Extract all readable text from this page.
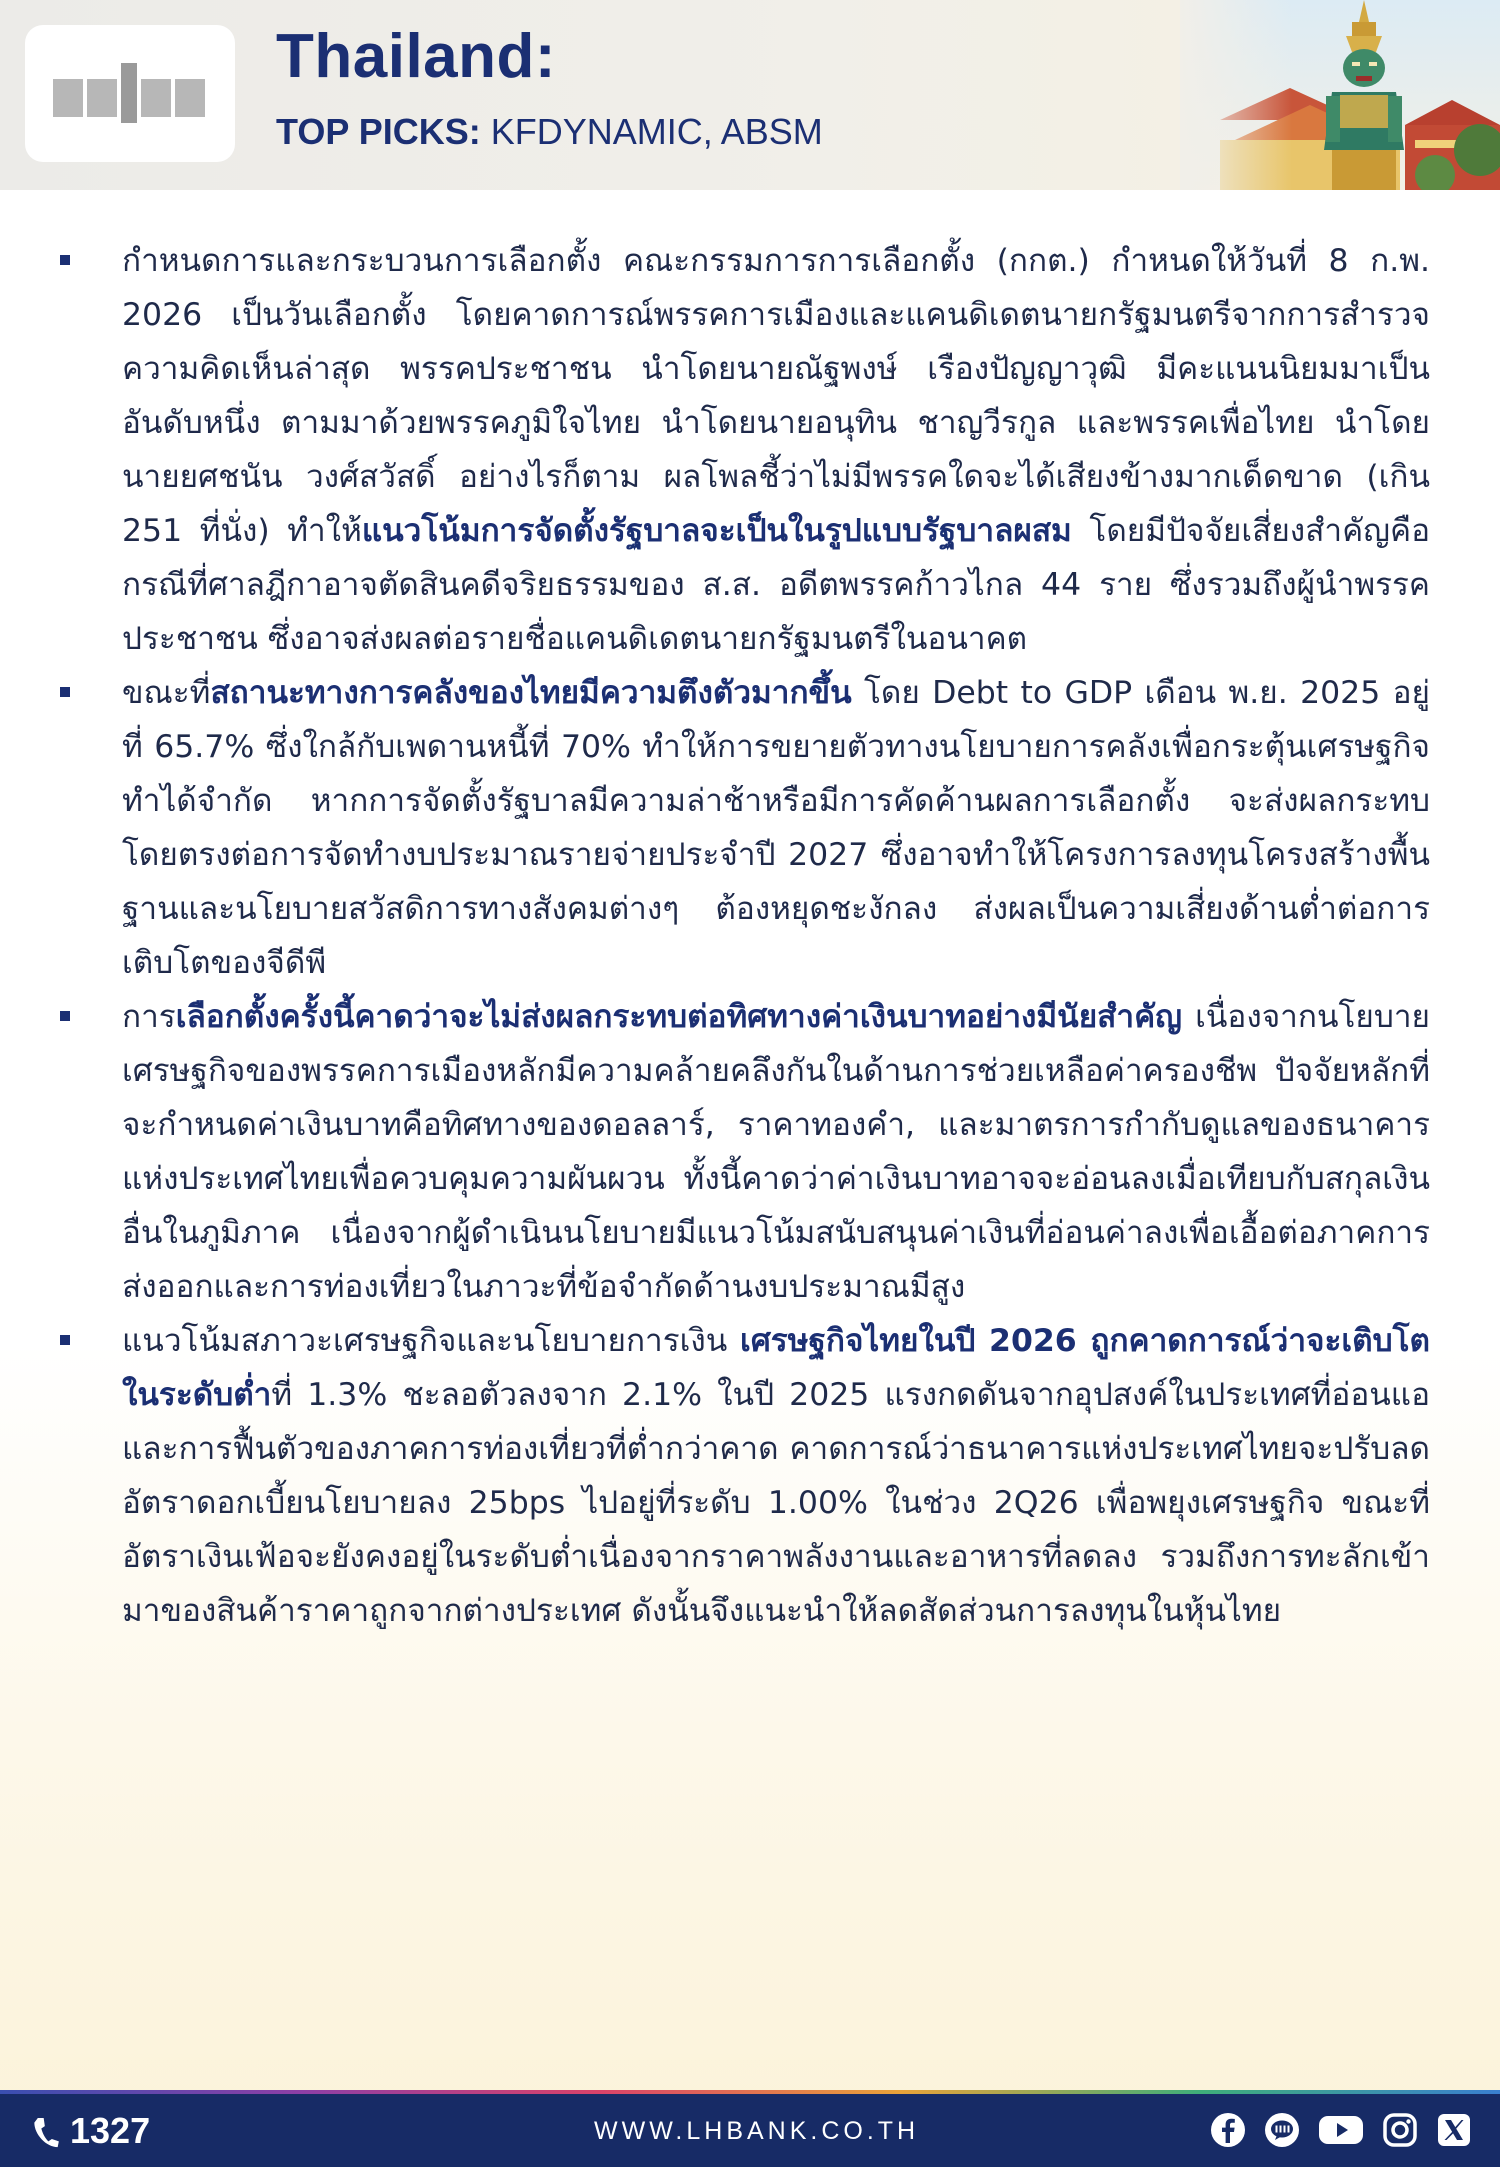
Thailand:
TOP PICKS: KFDYNAMIC, ABSM
กำหนดการและกระบวนการเลือกตั้ง คณะกรรมการการเลือกตั้ง (กกต.) กำหนดให้วันที่ 8 ก.พ. 2026 เป็นวันเลือกตั้ง โดยคาดการณ์พรรคการเมืองและแคนดิเดตนายกรัฐมนตรีจากการสำรวจความคิดเห็นล่าสุด พรรคประชาชน นำโดยนายณัฐพงษ์ เรืองปัญญาวุฒิ มีคะแนนนิยมมาเป็นอันดับหนึ่ง ตามมาด้วยพรรคภูมิใจไทย นำโดยนายอนุทิน ชาญวีรกูล และพรรคเพื่อไทย นำโดยนายยศชนัน วงศ์สวัสดิ์ อย่างไรก็ตาม ผลโพลชี้ว่าไม่มีพรรคใดจะได้เสียงข้างมากเด็ดขาด (เกิน 251 ที่นั่ง) ทำให้แนวโน้มการจัดตั้งรัฐบาลจะเป็นในรูปแบบรัฐบาลผสม โดยมีปัจจัยเสี่ยงสำคัญคือกรณีที่ศาลฎีกาอาจตัดสินคดีจริยธรรมของ ส.ส. อดีตพรรคก้าวไกล 44 ราย ซึ่งรวมถึงผู้นำพรรคประชาชน ซึ่งอาจส่งผลต่อรายชื่อแคนดิเดตนายกรัฐมนตรีในอนาคต
ขณะที่สถานะทางการคลังของไทยมีความตึงตัวมากขึ้น โดย Debt to GDP เดือน พ.ย. 2025 อยู่ที่ 65.7% ซึ่งใกล้กับเพดานหนี้ที่ 70% ทำให้การขยายตัวทางนโยบายการคลังเพื่อกระตุ้นเศรษฐกิจทำได้จำกัด หากการจัดตั้งรัฐบาลมีความล่าช้าหรือมีการคัดค้านผลการเลือกตั้ง จะส่งผลกระทบโดยตรงต่อการจัดทำงบประมาณรายจ่ายประจำปี 2027 ซึ่งอาจทำให้โครงการลงทุนโครงสร้างพื้นฐานและนโยบายสวัสดิการทางสังคมต่างๆ ต้องหยุดชะงักลง ส่งผลเป็นความเสี่ยงด้านต่ำต่อการเติบโตของจีดีพี
การเลือกตั้งครั้งนี้คาดว่าจะไม่ส่งผลกระทบต่อทิศทางค่าเงินบาทอย่างมีนัยสำคัญ เนื่องจากนโยบายเศรษฐกิจของพรรคการเมืองหลักมีความคล้ายคลึงกันในด้านการช่วยเหลือค่าครองชีพ ปัจจัยหลักที่จะกำหนดค่าเงินบาทคือทิศทางของดอลลาร์, ราคาทองคำ, และมาตรการกำกับดูแลของธนาคารแห่งประเทศไทยเพื่อควบคุมความผันผวน ทั้งนี้คาดว่าค่าเงินบาทอาจจะอ่อนลงเมื่อเทียบกับสกุลเงินอื่นในภูมิภาค เนื่องจากผู้ดำเนินนโยบายมีแนวโน้มสนับสนุนค่าเงินที่อ่อนค่าลงเพื่อเอื้อต่อภาคการส่งออกและการท่องเที่ยวในภาวะที่ข้อจำกัดด้านงบประมาณมีสูง
แนวโน้มสภาวะเศรษฐกิจและนโยบายการเงิน เศรษฐกิจไทยในปี 2026 ถูกคาดการณ์ว่าจะเติบโตในระดับต่ำที่ 1.3% ชะลอตัวลงจาก 2.1% ในปี 2025 แรงกดดันจากอุปสงค์ในประเทศที่อ่อนแอและการฟื้นตัวของภาคการท่องเที่ยวที่ต่ำกว่าคาด คาดการณ์ว่าธนาคารแห่งประเทศไทยจะปรับลดอัตราดอกเบี้ยนโยบายลง 25bps ไปอยู่ที่ระดับ 1.00% ในช่วง 2Q26 เพื่อพยุงเศรษฐกิจ ขณะที่อัตราเงินเฟ้อจะยังคงอยู่ในระดับต่ำเนื่องจากราคาพลังงานและอาหารที่ลดลง รวมถึงการทะลักเข้ามาของสินค้าราคาถูกจากต่างประเทศ ดังนั้นจึงแนะนำให้ลดสัดส่วนการลงทุนในหุ้นไทย
1327	WWW.LHBANK.CO.TH
